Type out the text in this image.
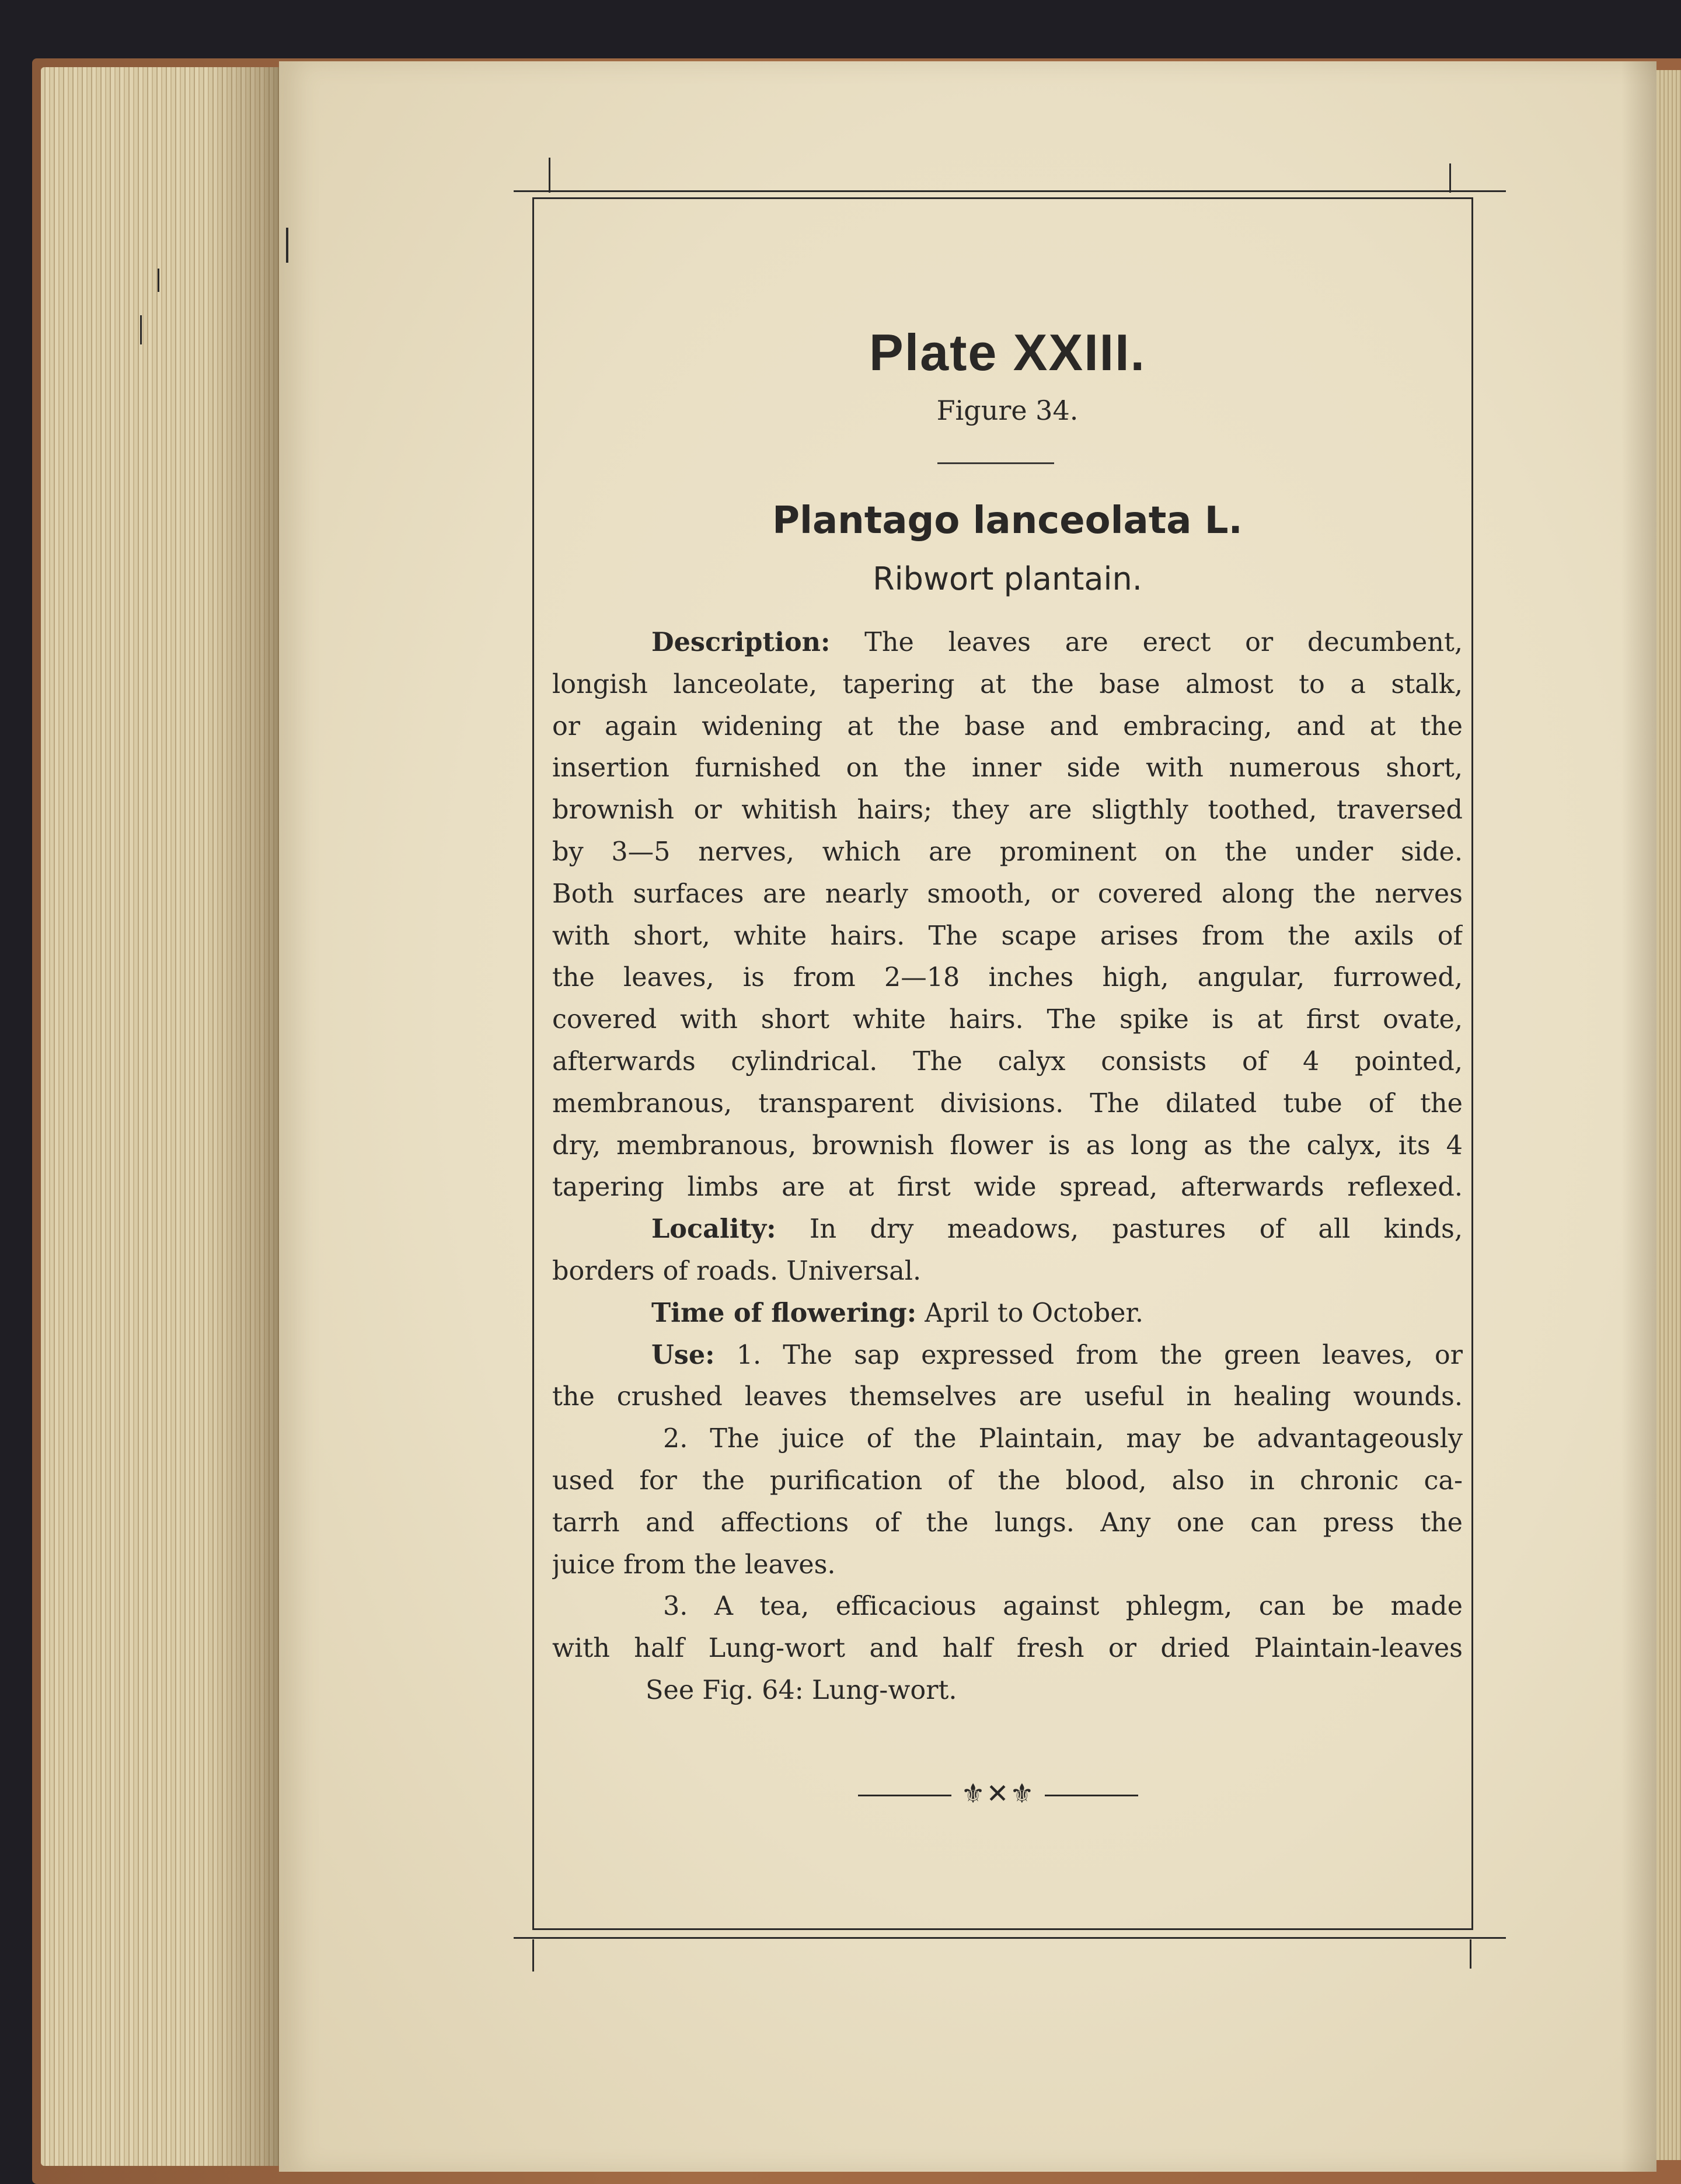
Plate XXIII.
Figure 34.
Plantago lanceolata L.
Ribwort plantain.
Description: The leaves are erect or decumbent,
longish lanceolate, tapering at the base almost to a stalk,
or again widening at the base and embracing, and at the
insertion furnished on the inner side with numerous short,
brownish or whitish hairs; they are sligthly toothed, traversed
by 3—5 nerves, which are prominent on the under side.
Both surfaces are nearly smooth, or covered along the nerves
with short, white hairs. The scape arises from the axils of
the leaves, is from 2—18 inches high, angular, furrowed,
covered with short white hairs. The spike is at first ovate,
afterwards cylindrical. The calyx consists of 4 pointed,
membranous, transparent divisions. The dilated tube of the
dry, membranous, brownish flower is as long as the calyx, its 4
tapering limbs are at first wide spread, afterwards reflexed.
Locality: In dry meadows, pastures of all kinds,
borders of roads. Universal.
Time of flowering: April to October.
Use: 1. The sap expressed from the green leaves, or
the crushed leaves themselves are useful in healing wounds.
2. The juice of the Plaintain, may be advantageously
used for the purification of the blood, also in chronic ca-
tarrh and affections of the lungs. Any one can press the
juice from the leaves.
3. A tea, efficacious against phlegm, can be made
with half Lung-wort and half fresh or dried Plaintain-leaves
See Fig. 64: Lung-wort.
⚜✕⚜
